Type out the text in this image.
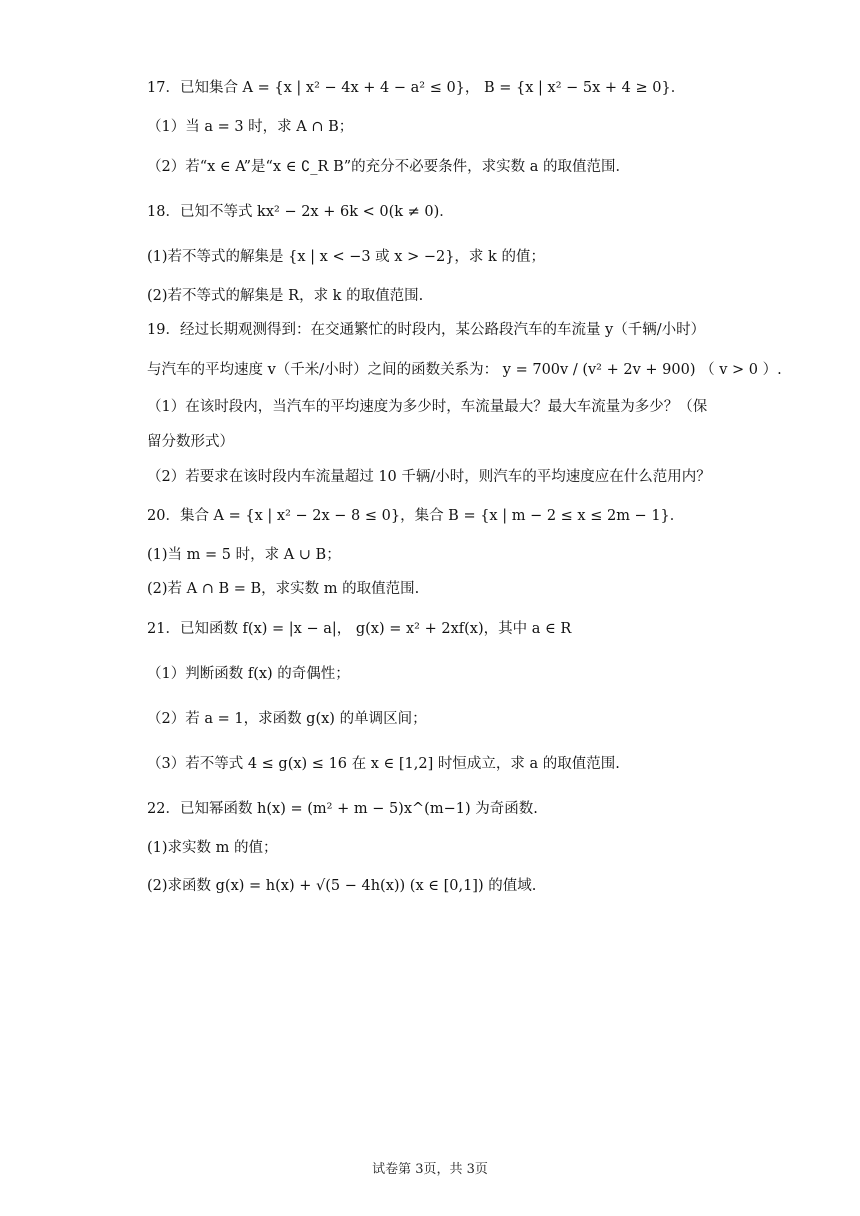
17．已知集合 A = {x | x² − 4x + 4 − a² ≤ 0}， B = {x | x² − 5x + 4 ≥ 0}．
（1）当 a = 3 时，求 A ∩ B；
（2）若“x ∈ A”是“x ∈ ∁_R B”的充分不必要条件，求实数 a 的取值范围．
18．已知不等式 kx² − 2x + 6k < 0(k ≠ 0)．
(1)若不等式的解集是 {x | x < −3 或 x > −2}，求 k 的值；
(2)若不等式的解集是 R，求 k 的取值范围.
19．经过长期观测得到：在交通繁忙的时段内，某公路段汽车的车流量 y（千辆/小时）
与汽车的平均速度 v（千米/小时）之间的函数关系为： y = 700v / (v² + 2v + 900) （ v > 0 ）.
（1）在该时段内，当汽车的平均速度为多少时，车流量最大？最大车流量为多少？（保
留分数形式）
（2）若要求在该时段内车流量超过 10 千辆/小时，则汽车的平均速度应在什么范用内？
20．集合 A = {x | x² − 2x − 8 ≤ 0}，集合 B = {x | m − 2 ≤ x ≤ 2m − 1}．
(1)当 m = 5 时，求 A ∪ B；
(2)若 A ∩ B = B，求实数 m 的取值范围.
21．已知函数 f(x) = |x − a|， g(x) = x² + 2xf(x)，其中 a ∈ R
（1）判断函数 f(x) 的奇偶性；
（2）若 a = 1，求函数 g(x) 的单调区间；
（3）若不等式 4 ≤ g(x) ≤ 16 在 x ∈ [1,2] 时恒成立，求 a 的取值范围.
22．已知幂函数 h(x) = (m² + m − 5)x^(m−1) 为奇函数.
(1)求实数 m 的值；
(2)求函数 g(x) = h(x) + √(5 − 4h(x)) (x ∈ [0,1]) 的值域.
试卷第 3页，共 3页
